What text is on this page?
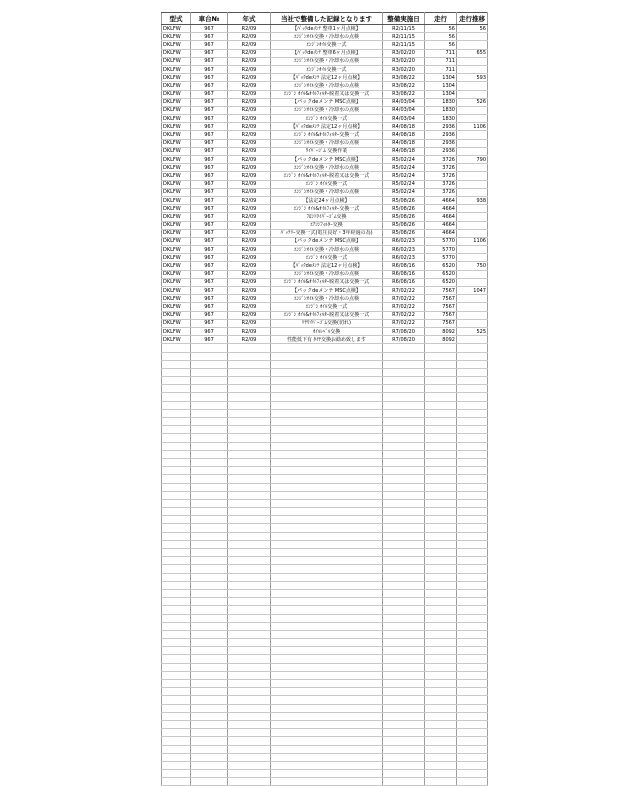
型式	車台№	年式	当社で整備した記録となります	整備実施日	走行	走行推移
DKLFW	967	R2/09	【ﾊﾟｯｸdeﾒﾝﾃ 整車1ヶ月点検】	R2/11/15	56	56
DKLFW	967	R2/09	ｴﾝｼﾞﾝｵｲﾙ交換・冷却水の点検	R2/11/15	56	
DKLFW	967	R2/09	ｴﾝｼﾞﾝｵｲﾙ交換一式	R2/11/15	56	
DKLFW	967	R2/09	【ﾊﾟｯｸdeﾒﾝﾃ 整車6ヶ月点検】	R3/02/20	711	655
DKLFW	967	R2/09	ｴﾝｼﾞﾝｵｲﾙ交換・冷却水の点検	R3/02/20	711	
DKLFW	967	R2/09	ｴﾝｼﾞﾝｵｲﾙ交換一式	R3/02/20	711	
DKLFW	967	R2/09	【ﾊﾟｯｸdeﾒﾝﾃ 法定12ヶ月点検】	R3/08/22	1304	593
DKLFW	967	R2/09	ｴﾝｼﾞﾝｵｲﾙ交換・冷却水の点検	R3/08/22	1304	
DKLFW	967	R2/09	ｴﾝｼﾞﾝ ｵｲﾙ&ｵｲﾙﾌｨﾙﾀｰ脱着又は交換一式	R3/08/22	1304	
DKLFW	967	R2/09	【パックdeメンテ MSC点検】	R4/03/04	1830	526
DKLFW	967	R2/09	ｴﾝｼﾞﾝｵｲﾙ交換・冷却水の点検	R4/03/04	1830	
DKLFW	967	R2/09	ｴﾝｼﾞﾝ ｵｲﾙ交換一式	R4/03/04	1830	
DKLFW	967	R2/09	【ﾊﾟｯｸdeﾒﾝﾃ 法定12ヶ月点検】	R4/08/18	2936	1106
DKLFW	967	R2/09	ｴﾝｼﾞﾝ ｵｲﾙ&ｵｲﾙﾌｨﾙﾀｰ交換一式	R4/08/18	2936	
DKLFW	967	R2/09	ｴﾝｼﾞﾝｵｲﾙ交換・冷却水の点検	R4/08/18	2936	
DKLFW	967	R2/09	ﾜｲﾊﾟｰｺﾞﾑ 交換作業	R4/08/18	2936	
DKLFW	967	R2/09	【パックdeメンテ MSC点検】	R5/02/24	3726	790
DKLFW	967	R2/09	ｴﾝｼﾞﾝｵｲﾙ交換・冷却水の点検	R5/02/24	3726	
DKLFW	967	R2/09	ｴﾝｼﾞﾝ ｵｲﾙ&ｵｲﾙﾌｨﾙﾀｰ脱着又は交換一式	R5/02/24	3726	
DKLFW	967	R2/09	ｴﾝｼﾞﾝ ｵｲﾙ交換一式	R5/02/24	3726	
DKLFW	967	R2/09	ｴﾝｼﾞﾝｵｲﾙ交換・冷却水の点検	R5/02/24	3726	
DKLFW	967	R2/09	【法定24ヶ月点検】	R5/08/26	4664	938
DKLFW	967	R2/09	ｴﾝｼﾞﾝ ｵｲﾙ&ｵｲﾙﾌｨﾙﾀｰ交換一式	R5/08/26	4664	
DKLFW	967	R2/09	ﾌﾛﾝﾄﾜｲﾊﾟｰｺﾞﾑ交換	R5/08/26	4664	
DKLFW	967	R2/09	ｴｱｺﾝﾌｨﾙﾀｰ交換	R5/08/26	4664	
DKLFW	967	R2/09	ﾊﾞｯﾃﾘｰ交換一式(電圧良好・3年経過の為)	R5/08/26	4664	
DKLFW	967	R2/09	【パックdeメンテ MSC点検】	R6/02/23	5770	1106
DKLFW	967	R2/09	ｴﾝｼﾞﾝｵｲﾙ交換・冷却水の点検	R6/02/23	5770	
DKLFW	967	R2/09	ｴﾝｼﾞﾝ ｵｲﾙ交換一式	R6/02/23	5770	
DKLFW	967	R2/09	【ﾊﾟｯｸdeﾒﾝﾃ 法定12ヶ月点検】	R6/08/16	6520	750
DKLFW	967	R2/09	ｴﾝｼﾞﾝｵｲﾙ交換・冷却水の点検	R6/08/16	6520	
DKLFW	967	R2/09	ｴﾝｼﾞﾝ ｵｲﾙ&ｵｲﾙﾌｨﾙﾀｰ脱着又は交換一式	R6/08/16	6520	
DKLFW	967	R2/09	【パックdeメンテ MSC点検】	R7/02/22	7567	1047
DKLFW	967	R2/09	ｴﾝｼﾞﾝｵｲﾙ交換・冷却水の点検	R7/02/22	7567	
DKLFW	967	R2/09	ｴﾝｼﾞﾝ ｵｲﾙ交換一式	R7/02/22	7567	
DKLFW	967	R2/09	ｴﾝｼﾞﾝ ｵｲﾙ&ｵｲﾙﾌｨﾙﾀｰ脱着又は交換一式	R7/02/22	7567	
DKLFW	967	R2/09	ﾘﾔﾜｲﾊﾟｰｺﾞﾑ交換(切れ)	R7/02/22	7567	
DKLFW	967	R2/09	ｵｲﾙﾚﾍﾞﾙ交換	R7/08/20	8092	525
DKLFW	967	R2/09	性能低下有 ﾀｲﾔ交換お勧め致します	R7/08/20	8092	
